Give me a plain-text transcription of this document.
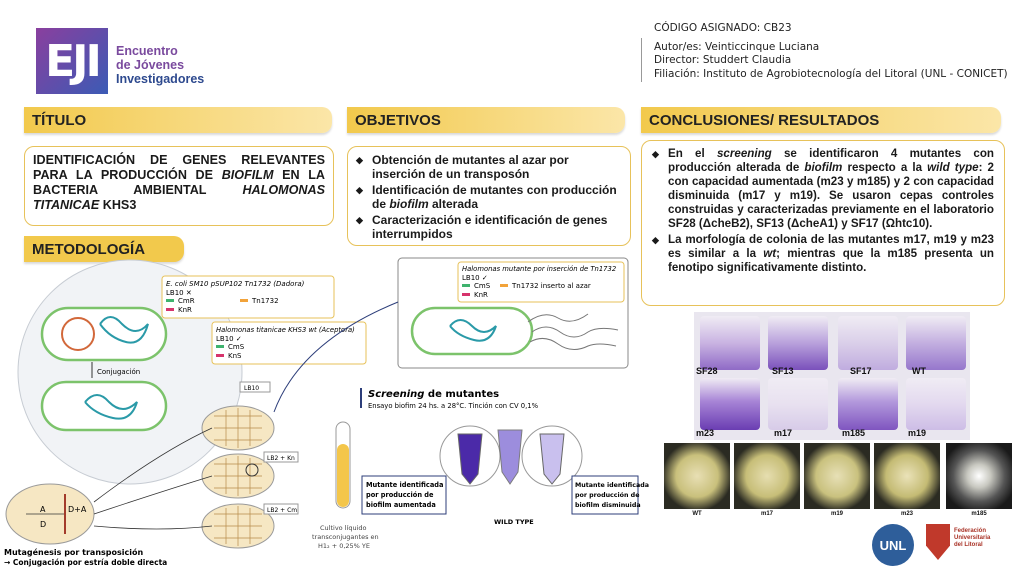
EJI	Encuentro
de Jóvenes
Investigadores
CÓDIGO ASIGNADO: CB23
Autor/es: Veinticcinque Luciana
Director: Studdert Claudia
Filiación: Instituto de Agrobiotecnología del Litoral (UNL - CONICET)
TÍTULO	OBJETIVOS	CONCLUSIONES/ RESULTADOS
METODOLOGÍA
IDENTIFICACIÓN DE GENES RELEVANTES PARA LA PRODUCCIÓN DE BIOFILM EN LA BACTERIA AMBIENTAL HALOMONAS TITANICAE KHS3
◆ Obtención de mutantes al azar por inserción de un transposón
◆ Identificación de mutantes con producción de biofilm alterada
◆ Caracterización e identificación de genes interrumpidos
◆ En el screening se identificaron 4 mutantes con producción alterada de biofilm respecto a la wild type: 2 con capacidad aumentada (m23 y m185) y 2 con capacidad disminuida (m17 y m19). Se usaron cepas controles construidas y caracterizadas previamente en el laboratorio SF28 (ΔcheB2), SF13 (ΔcheA1) y SF17 (Ωhtc10).
◆ La morfología de colonia de las mutantes m17, m19 y m23 es similar a la wt; mientras que la m185 presenta un fenotipo significativamente distinto.
Conjugación
E. coli SM10 pSUP102 Tn1732 (Dadora)
LB10 ✕
CmR	Tn1732
KnR
Halomonas titanicae KHS3 wt (Aceptora)
LB10 ✓
CmS
KnS
Halomonas mutante por inserción de Tn1732
LB10 ✓
CmS	Tn1732 inserto al azar
KnR
LB10
LB2 + Kn
LB2 + Cm
A
D
D+A
Mutagénesis por transposición
→ Conjugación por estría doble directa
Cultivo líquido
transconjugantes en
H1₂ + 0,25% YE
Screening de mutantes
Ensayo biofim 24 hs. a 28°C. Tinción con CV 0,1%
WILD TYPE
Mutante identificada
por producción de
biofilm aumentada
Mutante identificada
por producción de
biofilm disminuida
SF28	SF13	SF17	WT
m23	m17	m185	m19
WT	m17	m19	m23	m185
UNL
Federación
Universitaria
del Litoral
